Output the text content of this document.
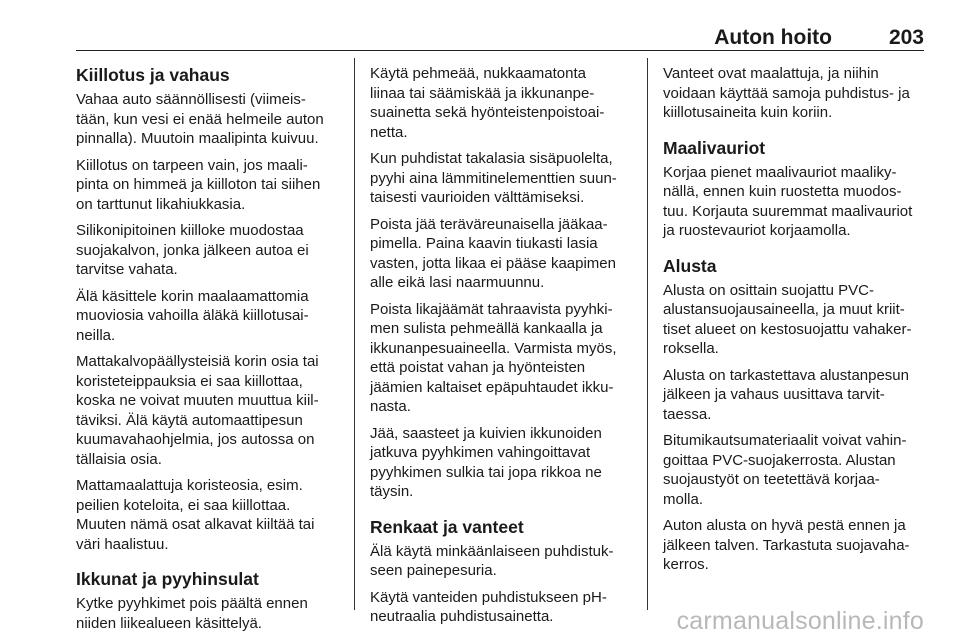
Auton hoito	203
Kiillotus ja vahaus

Vahaa auto säännöllisesti (viimeis-
tään, kun vesi ei enää helmeile auton
pinnalla). Muutoin maalipinta kuivuu.

Kiillotus on tarpeen vain, jos maali-
pinta on himmeä ja kiilloton tai siihen
on tarttunut likahiukkasia.

Silikonipitoinen kiilloke muodostaa
suojakalvon, jonka jälkeen autoa ei
tarvitse vahata.

Älä käsittele korin maalaamattomia
muoviosia vahoilla äläkä kiillotusai-
neilla.

Mattakalvopäällysteisiä korin osia tai
koristeteippauksia ei saa kiillottaa,
koska ne voivat muuten muuttua kiil-
täviksi. Älä käytä automaattipesun
kuumavahaohjelmia, jos autossa on
tällaisia osia.

Mattamaalattuja koristeosia, esim.
peilien koteloita, ei saa kiillottaa.
Muuten nämä osat alkavat kiiltää tai
väri haalistuu.

Ikkunat ja pyyhinsulat

Kytke pyyhkimet pois päältä ennen
niiden liikealueen käsittelyä.

Käytä pehmeää, nukkaamatonta
liinaa tai säämiskää ja ikkunanpe-
suainetta sekä hyönteistenpoistoai-
netta.

Kun puhdistat takalasia sisäpuolelta,
pyyhi aina lämmitinelementtien suun-
taisesti vaurioiden välttämiseksi.

Poista jää teräväreunaisella jääkaa-
pimella. Paina kaavin tiukasti lasia
vasten, jotta likaa ei pääse kaapimen
alle eikä lasi naarmuunnu.

Poista likajäämät tahraavista pyyhki-
men sulista pehmeällä kankaalla ja
ikkunanpesuaineella. Varmista myös,
että poistat vahan ja hyönteisten
jäämien kaltaiset epäpuhtaudet ikku-
nasta.

Jää, saasteet ja kuivien ikkunoiden
jatkuva pyyhkimen vahingoittavat
pyyhkimen sulkia tai jopa rikkoa ne
täysin.

Renkaat ja vanteet

Älä käytä minkäänlaiseen puhdistuk-
seen painepesuria.

Käytä vanteiden puhdistukseen pH-
neutraalia puhdistusainetta.

Vanteet ovat maalattuja, ja niihin
voidaan käyttää samoja puhdistus- ja
kiillotusaineita kuin koriin.

Maalivauriot

Korjaa pienet maalivauriot maaliky-
nällä, ennen kuin ruostetta muodos-
tuu. Korjauta suuremmat maalivauriot
ja ruostevauriot korjaamolla.

Alusta

Alusta on osittain suojattu PVC-
alustansuojausaineella, ja muut kriit-
tiset alueet on kestosuojattu vahaker-
roksella.

Alusta on tarkastettava alustanpesun
jälkeen ja vahaus uusittava tarvit-
taessa.

Bitumikautsumateriaalit voivat vahin-
goittaa PVC-suojakerrosta. Alustan
suojaustyöt on teetettävä korjaa-
molla.

Auton alusta on hyvä pestä ennen ja
jälkeen talven. Tarkastuta suojavaha-
kerros.

carmanualsonline.info
